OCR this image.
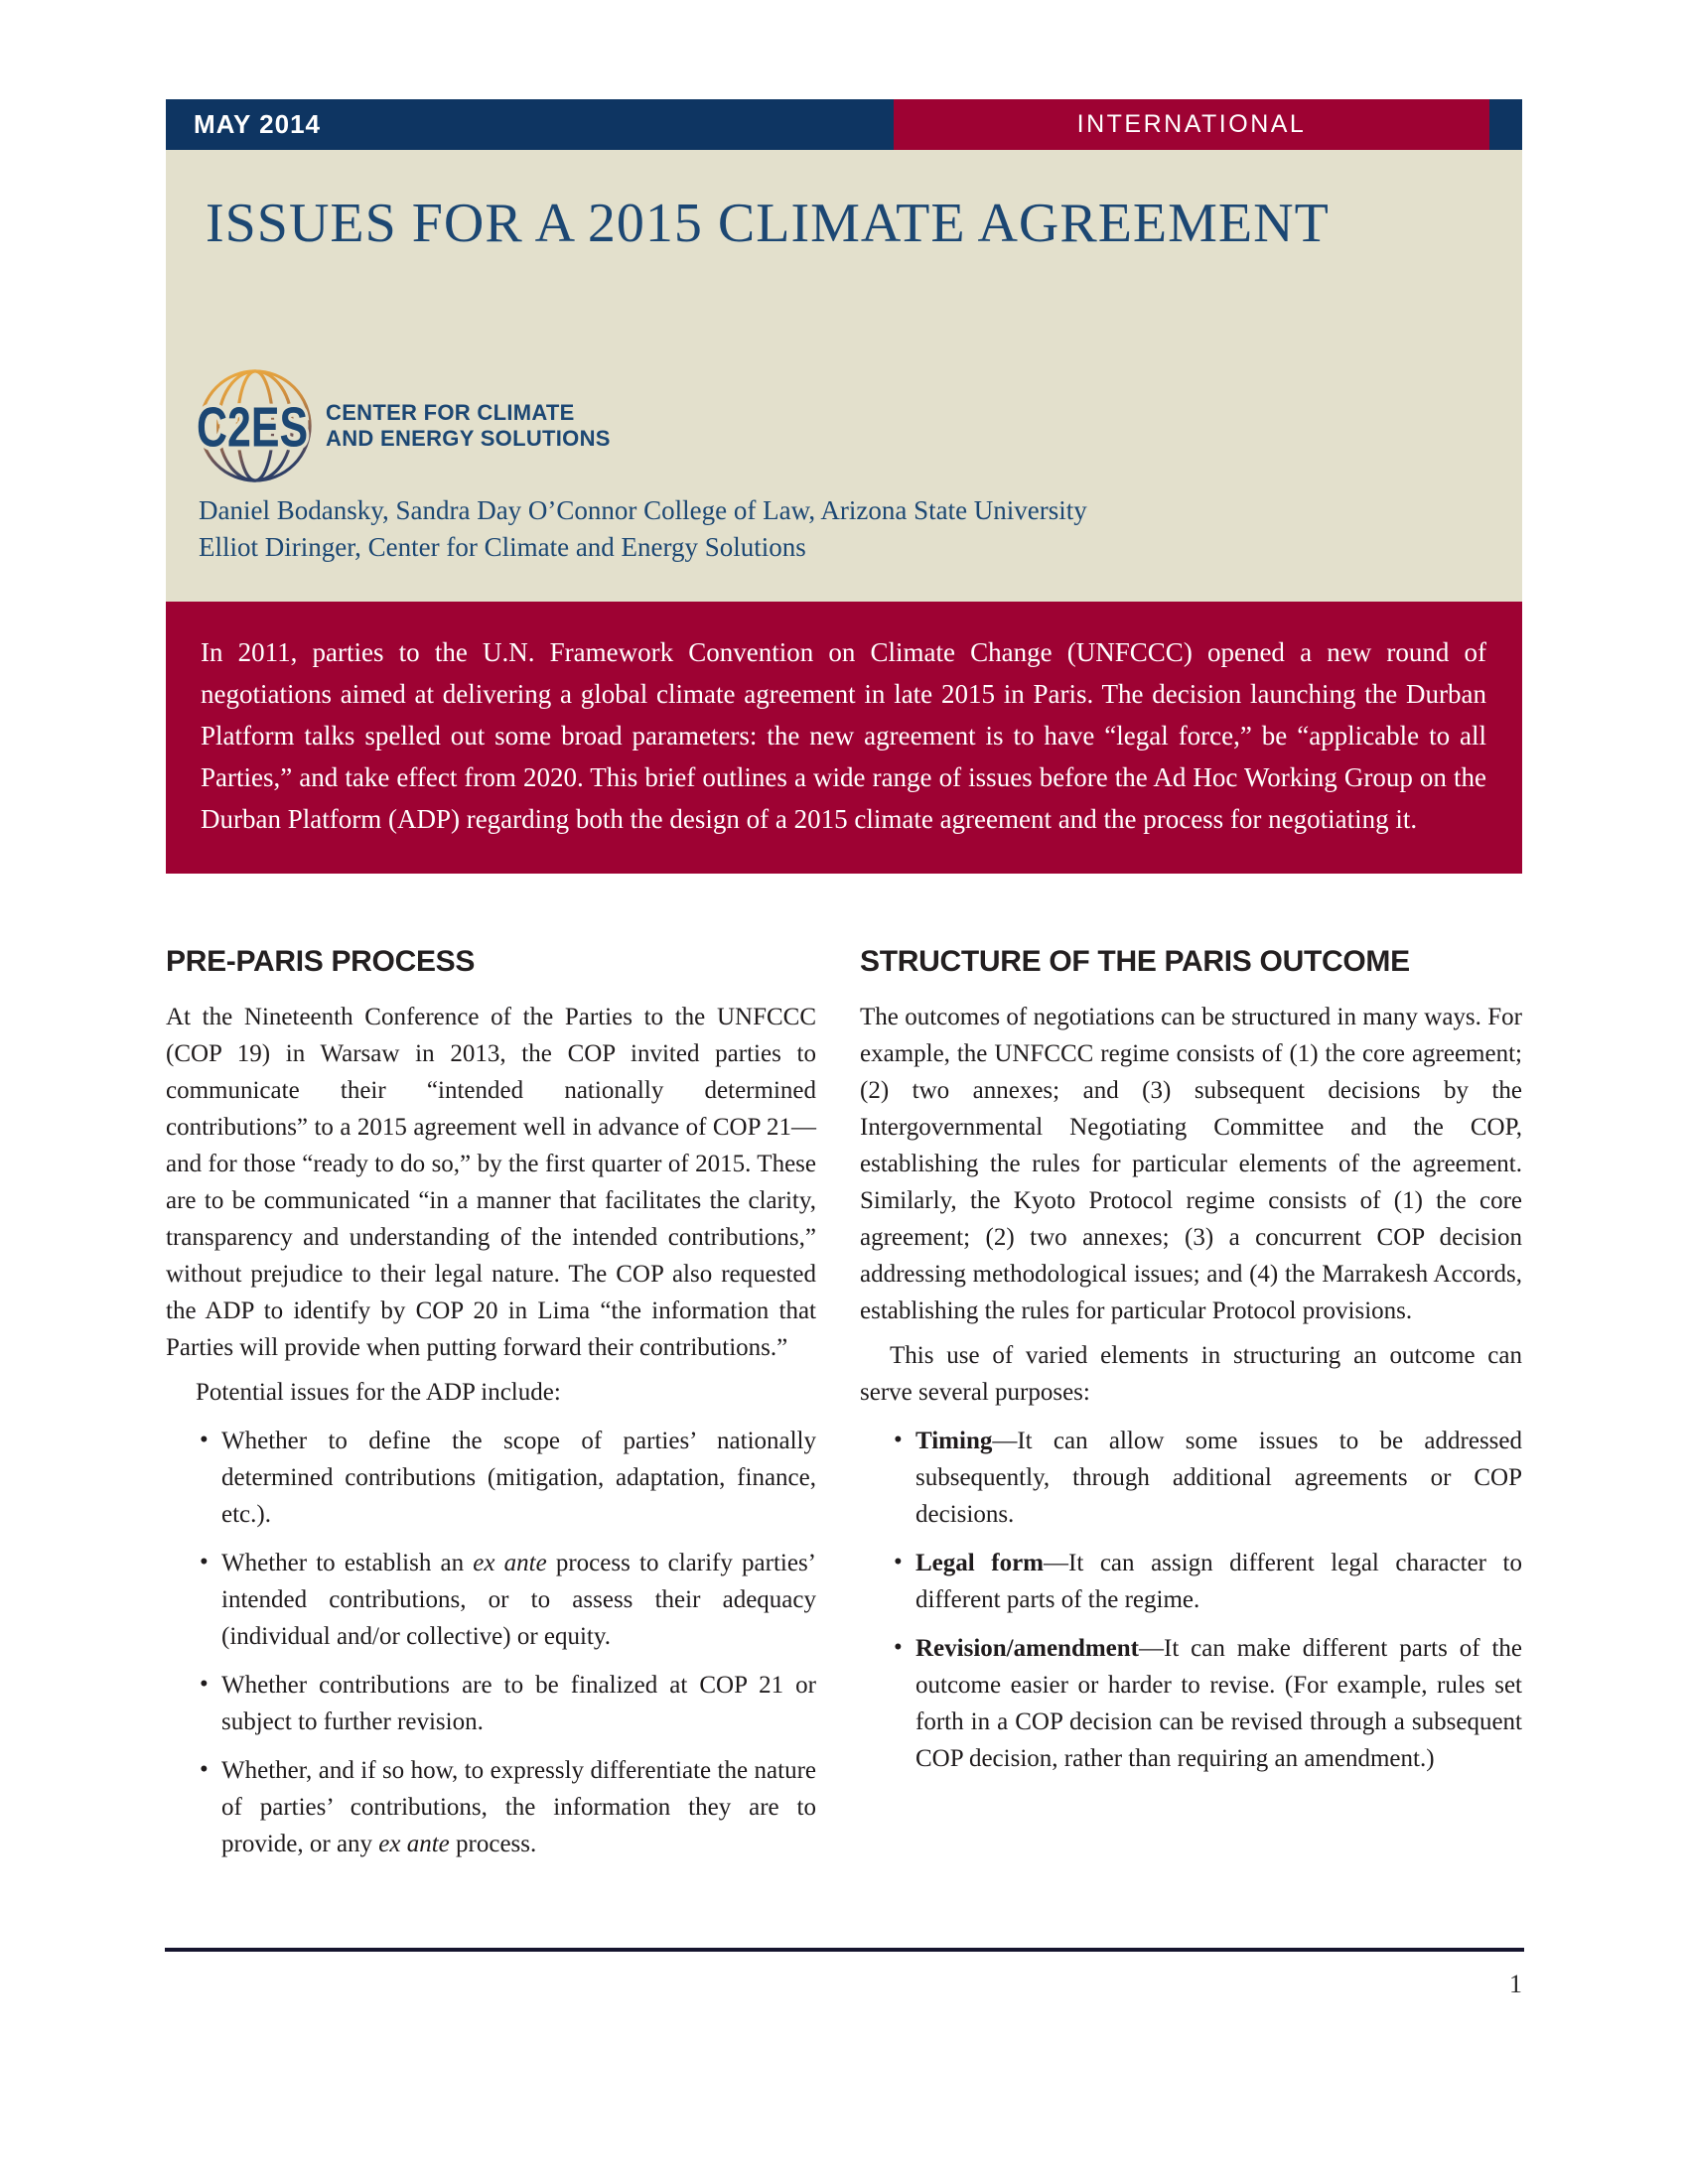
MAY 2014	INTERNATIONAL
ISSUES FOR A 2015 CLIMATE AGREEMENT
C2ES CENTER FOR CLIMATE
AND ENERGY SOLUTIONS
Daniel Bodansky, Sandra Day O’Connor College of Law, Arizona State University
Elliot Diringer, Center for Climate and Energy Solutions

In 2011, parties to the U.N. Framework Convention on Climate Change (UNFCCC) opened a new round of negotiations aimed at delivering a global climate agreement in late 2015 in Paris. The decision launching the Durban Platform talks spelled out some broad parameters: the new agreement is to have “legal force,” be “applicable to all Parties,” and take effect from 2020. This brief outlines a wide range of issues before the Ad Hoc Working Group on the Durban Platform (ADP) regarding both the design of a 2015 climate agreement and the process for negotiating it.

PRE-PARIS PROCESS

At the Nineteenth Conference of the Parties to the UNFCCC (COP 19) in Warsaw in 2013, the COP invited parties to communicate their “intended nationally determined contributions” to a 2015 agreement well in advance of COP 21—and for those “ready to do so,” by the first quarter of 2015. These are to be communicated “in a manner that facilitates the clarity, transparency and understanding of the intended contributions,” without prejudice to their legal nature. The COP also requested the ADP to identify by COP 20 in Lima “the information that Parties will provide when putting forward their contributions.”

Potential issues for the ADP include:

• Whether to define the scope of parties’ nationally determined contributions (mitigation, adaptation, finance, etc.).
• Whether to establish an ex ante process to clarify parties’ intended contributions, or to assess their adequacy (individual and/or collective) or equity.
• Whether contributions are to be finalized at COP 21 or subject to further revision.
• Whether, and if so how, to expressly differentiate the nature of parties’ contributions, the information they are to provide, or any ex ante process.
STRUCTURE OF THE PARIS OUTCOME

The outcomes of negotiations can be structured in many ways. For example, the UNFCCC regime consists of (1) the core agreement; (2) two annexes; and (3) subsequent decisions by the Intergovernmental Negotiating Committee and the COP, establishing the rules for particular elements of the agreement. Similarly, the Kyoto Protocol regime consists of (1) the core agreement; (2) two annexes; (3) a concurrent COP decision addressing methodological issues; and (4) the Marrakesh Accords, establishing the rules for particular Protocol provisions.

This use of varied elements in structuring an outcome can serve several purposes:

• Timing—It can allow some issues to be addressed subsequently, through additional agreements or COP decisions.
• Legal form—It can assign different legal character to different parts of the regime.
• Revision/amendment—It can make different parts of the outcome easier or harder to revise. (For example, rules set forth in a COP decision can be revised through a subsequent COP decision, rather than requiring an amendment.)
1
